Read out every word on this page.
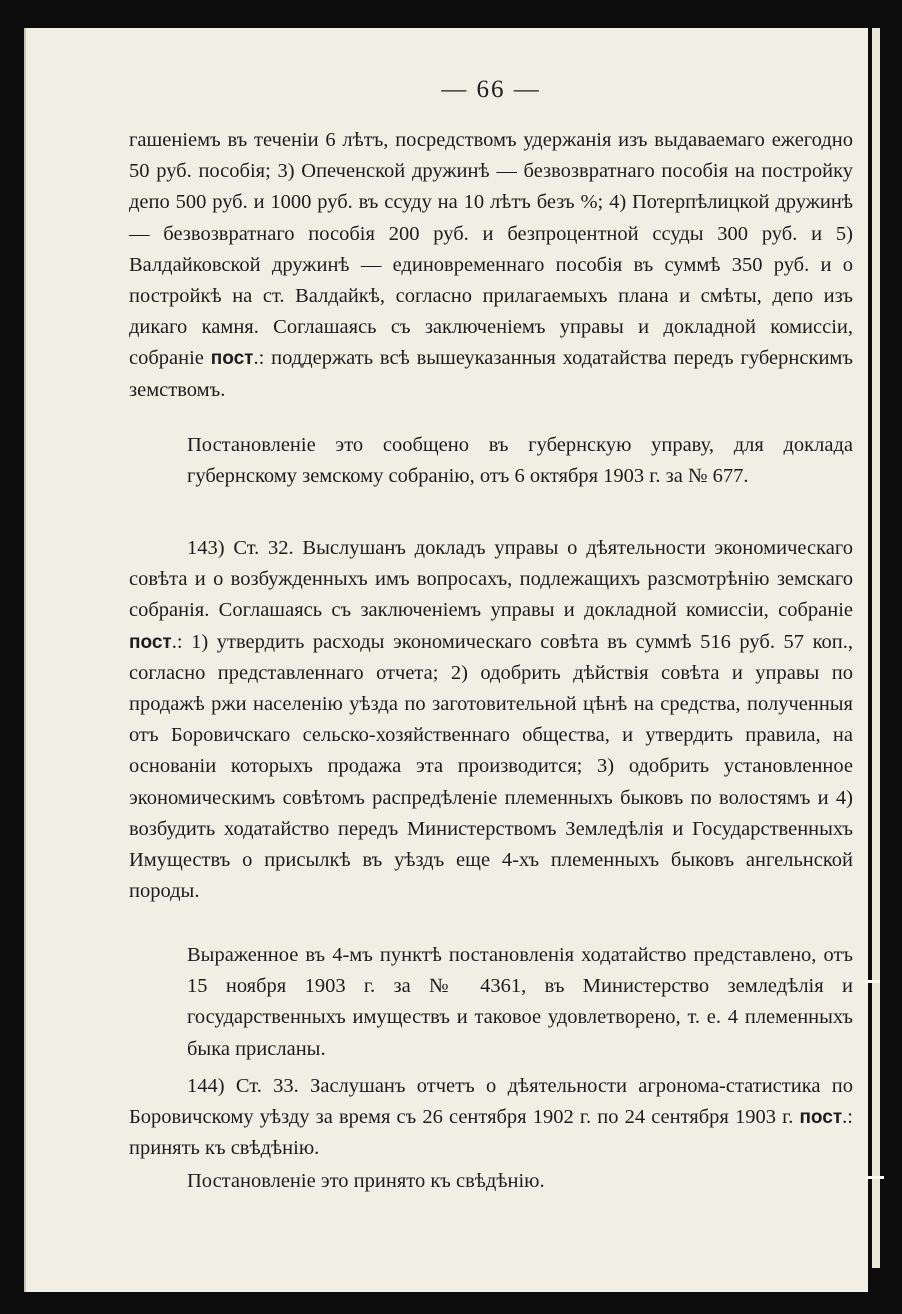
— 66 —

гашеніемъ въ теченіи 6 лѣтъ, посредствомъ удержанія изъ выдаваемаго ежегодно 50 руб. пособія; 3) Опеченской дружинѣ — безвозвратнаго пособія на постройку депо 500 руб. и 1000 руб. въ ссуду на 10 лѣтъ безъ %; 4) Потерпѣлицкой дружинѣ — безвозвратнаго пособія 200 руб. и безпроцентной ссуды 300 руб. и 5) Валдайковской дружинѣ — единовременнаго пособія въ суммѣ 350 руб. и о постройкѣ на ст. Валдайкѣ, согласно прилагаемыхъ плана и смѣты, депо изъ дикаго камня. Соглашаясь съ заключеніемъ управы и докладной комиссіи, собраніе пост.: поддержать всѣ вышеуказанныя ходатайства передъ губернскимъ земствомъ.

Постановленіе это сообщено въ губернскую управу, для доклада губернскому земскому собранію, отъ 6 октября 1903 г. за № 677.

143) Ст. 32. Выслушанъ докладъ управы о дѣятельности экономическаго совѣта и о возбужденныхъ имъ вопросахъ, подлежащихъ разсмотрѣнію земскаго собранія. Соглашаясь съ заключеніемъ управы и докладной комиссіи, собраніе пост.: 1) утвердить расходы экономическаго совѣта въ суммѣ 516 руб. 57 коп., согласно представленнаго отчета; 2) одобрить дѣйствія совѣта и управы по продажѣ ржи населенію уѣзда по заготовительной цѣнѣ на средства, полученныя отъ Боровичскаго сельско-хозяйственнаго общества, и утвердить правила, на основаніи которыхъ продажа эта производится; 3) одобрить установленное экономическимъ совѣтомъ распредѣленіе племенныхъ быковъ по волостямъ и 4) возбудить ходатайство передъ Министерствомъ Земледѣлія и Государственныхъ Имуществъ о присылкѣ въ уѣздъ еще 4-хъ племенныхъ быковъ ангельнской породы.

Выраженное въ 4-мъ пунктѣ постановленія ходатайство представлено, отъ 15 ноября 1903 г. за № 4361, въ Министерство земледѣлія и государственныхъ имуществъ и таковое удовлетворено, т. е. 4 племенныхъ быка присланы.

144) Ст. 33. Заслушанъ отчетъ о дѣятельности агронома-статистика по Боровичскому уѣзду за время съ 26 сентября 1902 г. по 24 сентября 1903 г. пост.: принять къ свѣдѣнію.

Постановленіе это принято къ свѣдѣнію.
